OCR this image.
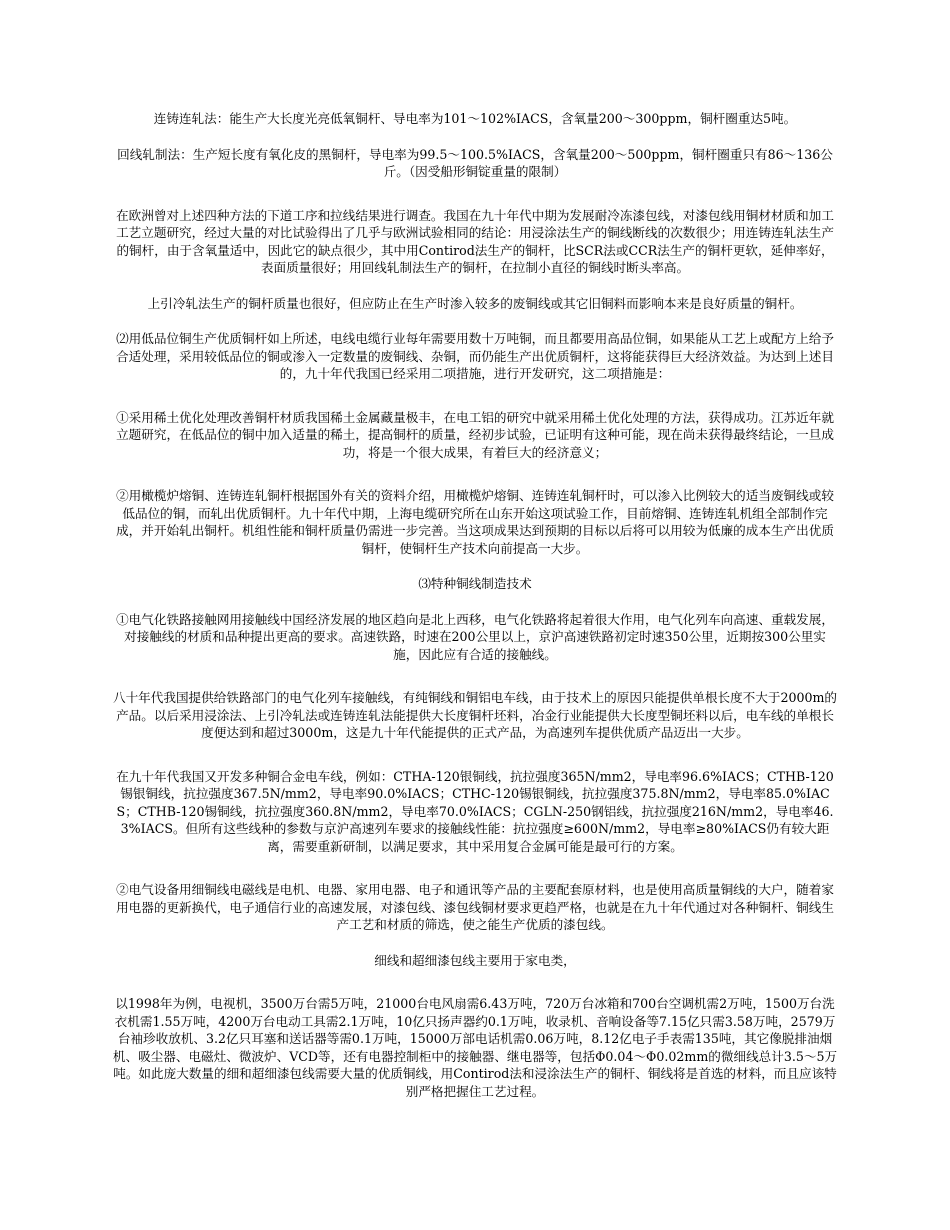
连铸连轧法：能生产大长度光亮低氧铜杆、导电率为101～102%IACS，含氧量200～300ppm，铜杆圈重达5吨。

回线轧制法：生产短长度有氧化皮的黑铜杆，导电率为99.5～100.5%IACS，含氧量200～500ppm，铜杆圈重只有86～136公斤。（因受船形铜锭重量的限制）

在欧洲曾对上述四种方法的下道工序和拉线结果进行调查。我国在九十年代中期为发展耐冷冻漆包线，对漆包线用铜材材质和加工工艺立题研究，经过大量的对比试验得出了几乎与欧洲试验相同的结论：用浸涂法生产的铜线断线的次数很少；用连铸连轧法生产的铜杆，由于含氧量适中，因此它的缺点很少，其中用Contirod法生产的铜杆，比SCR法或CCR法生产的铜杆更软，延伸率好，表面质量很好；用回线轧制法生产的铜杆，在拉制小直径的铜线时断头率高。

上引冷轧法生产的铜杆质量也很好，但应防止在生产时渗入较多的废铜线或其它旧铜料而影响本来是良好质量的铜杆。

⑵用低品位铜生产优质铜杆如上所述，电线电缆行业每年需要用数十万吨铜，而且都要用高品位铜，如果能从工艺上或配方上给予合适处理，采用较低品位的铜或渗入一定数量的废铜线、杂铜，而仍能生产出优质铜杆，这将能获得巨大经济效益。为达到上述目的，九十年代我国已经采用二项措施，进行开发研究，这二项措施是：

①采用稀土优化处理改善铜杆材质我国稀土金属藏量极丰，在电工铝的研究中就采用稀土优化处理的方法，获得成功。江苏近年就立题研究，在低品位的铜中加入适量的稀土，提高铜杆的质量，经初步试验，已证明有这种可能，现在尚未获得最终结论，一旦成功，将是一个很大成果，有着巨大的经济意义；

②用橄榄炉熔铜、连铸连轧铜杆根据国外有关的资料介绍，用橄榄炉熔铜、连铸连轧铜杆时，可以渗入比例较大的适当废铜线或较低品位的铜，而轧出优质铜杆。九十年代中期，上海电缆研究所在山东开始这项试验工作，目前熔铜、连铸连轧机组全部制作完成，并开始轧出铜杆。机组性能和铜杆质量仍需进一步完善。当这项成果达到预期的目标以后将可以用较为低廉的成本生产出优质铜杆，使铜杆生产技术向前提高一大步。

⑶特种铜线制造技术

①电气化铁路接触网用接触线中国经济发展的地区趋向是北上西移，电气化铁路将起着很大作用，电气化列车向高速、重载发展，对接触线的材质和品种提出更高的要求。高速铁路，时速在200公里以上，京沪高速铁路初定时速350公里，近期按300公里实施，因此应有合适的接触线。

八十年代我国提供给铁路部门的电气化列车接触线，有纯铜线和铜铝电车线，由于技术上的原因只能提供单根长度不大于2000m的产品。以后采用浸涂法、上引冷轧法或连铸连轧法能提供大长度铜杆坯料，冶金行业能提供大长度型铜坯料以后，电车线的单根长度便达到和超过3000m，这是九十年代能提供的正式产品，为高速列车提供优质产品迈出一大步。

在九十年代我国又开发多种铜合金电车线，例如：CTHA-120银铜线，抗拉强度365N/mm2，导电率96.6%IACS；CTHB-120锡银铜线，抗拉强度367.5N/mm2，导电率90.0%IACS；CTHC-120锡银铜线，抗拉强度375.8N/mm2，导电率85.0%IACS；CTHB-120锡铜线，抗拉强度360.8N/mm2，导电率70.0%IACS；CGLN-250钢铝线，抗拉强度216N/mm2，导电率46.3%IACS。但所有这些线种的参数与京沪高速列车要求的接触线性能：抗拉强度≥600N/mm2，导电率≥80%IACS仍有较大距离，需要重新研制，以满足要求，其中采用复合金属可能是最可行的方案。

②电气设备用细铜线电磁线是电机、电器、家用电器、电子和通讯等产品的主要配套原材料，也是使用高质量铜线的大户，随着家用电器的更新换代，电子通信行业的高速发展，对漆包线、漆包线铜材要求更趋严格，也就是在九十年代通过对各种铜杆、铜线生产工艺和材质的筛选，使之能生产优质的漆包线。

细线和超细漆包线主要用于家电类，

以1998年为例，电视机，3500万台需5万吨，21000台电风扇需6.43万吨，720万台冰箱和700台空调机需2万吨，1500万台洗衣机需1.55万吨，4200万台电动工具需2.1万吨，10亿只扬声器约0.1万吨，收录机、音响设备等7.15亿只需3.58万吨，2579万台袖珍收放机、3.2亿只耳塞和送话器等需0.1万吨，15000万部电话机需0.06万吨，8.12亿电子手表需135吨，其它像脱排油烟机、吸尘器、电磁灶、微波炉、VCD等，还有电器控制柜中的接触器、继电器等，包括Φ0.04～Φ0.02mm的微细线总计3.5～5万吨。如此庞大数量的细和超细漆包线需要大量的优质铜线，用Contirod法和浸涂法生产的铜杆、铜线将是首选的材料，而且应该特别严格把握住工艺过程。
